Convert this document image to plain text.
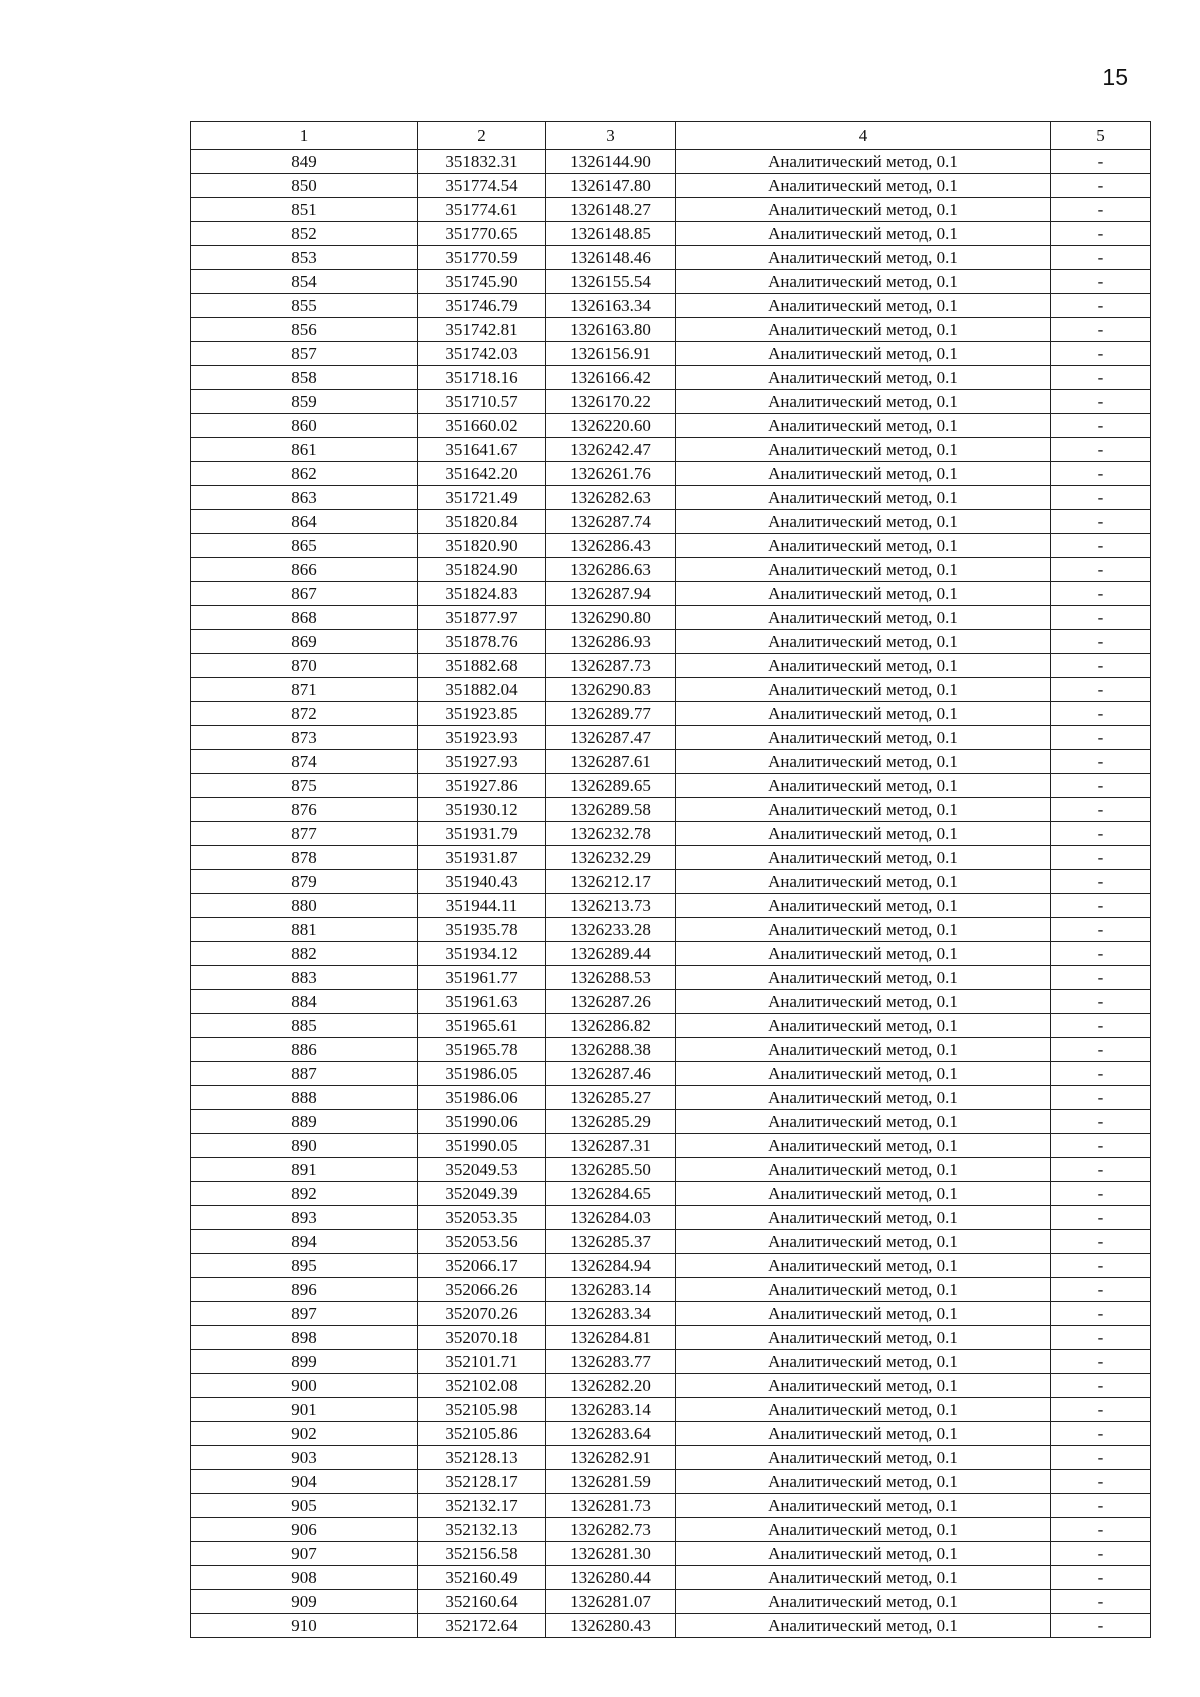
15
1	2	3	4	5
849	351832.31	1326144.90	Аналитический метод, 0.1	-
850	351774.54	1326147.80	Аналитический метод, 0.1	-
851	351774.61	1326148.27	Аналитический метод, 0.1	-
852	351770.65	1326148.85	Аналитический метод, 0.1	-
853	351770.59	1326148.46	Аналитический метод, 0.1	-
854	351745.90	1326155.54	Аналитический метод, 0.1	-
855	351746.79	1326163.34	Аналитический метод, 0.1	-
856	351742.81	1326163.80	Аналитический метод, 0.1	-
857	351742.03	1326156.91	Аналитический метод, 0.1	-
858	351718.16	1326166.42	Аналитический метод, 0.1	-
859	351710.57	1326170.22	Аналитический метод, 0.1	-
860	351660.02	1326220.60	Аналитический метод, 0.1	-
861	351641.67	1326242.47	Аналитический метод, 0.1	-
862	351642.20	1326261.76	Аналитический метод, 0.1	-
863	351721.49	1326282.63	Аналитический метод, 0.1	-
864	351820.84	1326287.74	Аналитический метод, 0.1	-
865	351820.90	1326286.43	Аналитический метод, 0.1	-
866	351824.90	1326286.63	Аналитический метод, 0.1	-
867	351824.83	1326287.94	Аналитический метод, 0.1	-
868	351877.97	1326290.80	Аналитический метод, 0.1	-
869	351878.76	1326286.93	Аналитический метод, 0.1	-
870	351882.68	1326287.73	Аналитический метод, 0.1	-
871	351882.04	1326290.83	Аналитический метод, 0.1	-
872	351923.85	1326289.77	Аналитический метод, 0.1	-
873	351923.93	1326287.47	Аналитический метод, 0.1	-
874	351927.93	1326287.61	Аналитический метод, 0.1	-
875	351927.86	1326289.65	Аналитический метод, 0.1	-
876	351930.12	1326289.58	Аналитический метод, 0.1	-
877	351931.79	1326232.78	Аналитический метод, 0.1	-
878	351931.87	1326232.29	Аналитический метод, 0.1	-
879	351940.43	1326212.17	Аналитический метод, 0.1	-
880	351944.11	1326213.73	Аналитический метод, 0.1	-
881	351935.78	1326233.28	Аналитический метод, 0.1	-
882	351934.12	1326289.44	Аналитический метод, 0.1	-
883	351961.77	1326288.53	Аналитический метод, 0.1	-
884	351961.63	1326287.26	Аналитический метод, 0.1	-
885	351965.61	1326286.82	Аналитический метод, 0.1	-
886	351965.78	1326288.38	Аналитический метод, 0.1	-
887	351986.05	1326287.46	Аналитический метод, 0.1	-
888	351986.06	1326285.27	Аналитический метод, 0.1	-
889	351990.06	1326285.29	Аналитический метод, 0.1	-
890	351990.05	1326287.31	Аналитический метод, 0.1	-
891	352049.53	1326285.50	Аналитический метод, 0.1	-
892	352049.39	1326284.65	Аналитический метод, 0.1	-
893	352053.35	1326284.03	Аналитический метод, 0.1	-
894	352053.56	1326285.37	Аналитический метод, 0.1	-
895	352066.17	1326284.94	Аналитический метод, 0.1	-
896	352066.26	1326283.14	Аналитический метод, 0.1	-
897	352070.26	1326283.34	Аналитический метод, 0.1	-
898	352070.18	1326284.81	Аналитический метод, 0.1	-
899	352101.71	1326283.77	Аналитический метод, 0.1	-
900	352102.08	1326282.20	Аналитический метод, 0.1	-
901	352105.98	1326283.14	Аналитический метод, 0.1	-
902	352105.86	1326283.64	Аналитический метод, 0.1	-
903	352128.13	1326282.91	Аналитический метод, 0.1	-
904	352128.17	1326281.59	Аналитический метод, 0.1	-
905	352132.17	1326281.73	Аналитический метод, 0.1	-
906	352132.13	1326282.73	Аналитический метод, 0.1	-
907	352156.58	1326281.30	Аналитический метод, 0.1	-
908	352160.49	1326280.44	Аналитический метод, 0.1	-
909	352160.64	1326281.07	Аналитический метод, 0.1	-
910	352172.64	1326280.43	Аналитический метод, 0.1	-
